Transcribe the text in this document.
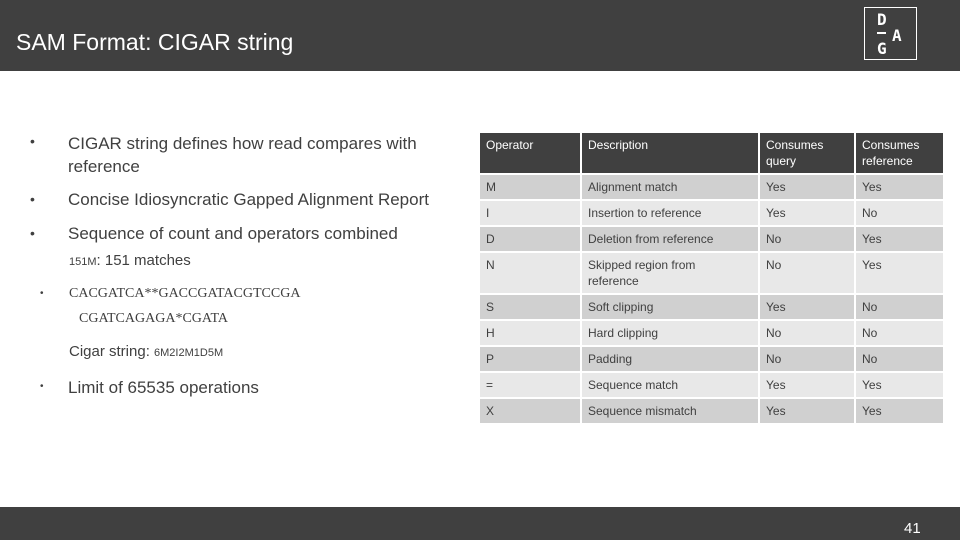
SAM Format: CIGAR string
D
A
G
• CIGAR string defines how read compares with reference
• Concise Idiosyncratic Gapped Alignment Report
• Sequence of count and operators combined
151M: 151 matches
• CACGATCA**GACCGATACGTCCGA
CGATCAGAGA*CGATA
Cigar string: 6M2I2M1D5M
• Limit of 65535 operations
Operator	Description	Consumes query	Consumes reference
M	Alignment match	Yes	Yes
I	Insertion to reference	Yes	No
D	Deletion from reference	No	Yes
N	Skipped region from reference	No	Yes
S	Soft clipping	Yes	No
H	Hard clipping	No	No
P	Padding	No	No
=	Sequence match	Yes	Yes
X	Sequence mismatch	Yes	Yes
41
